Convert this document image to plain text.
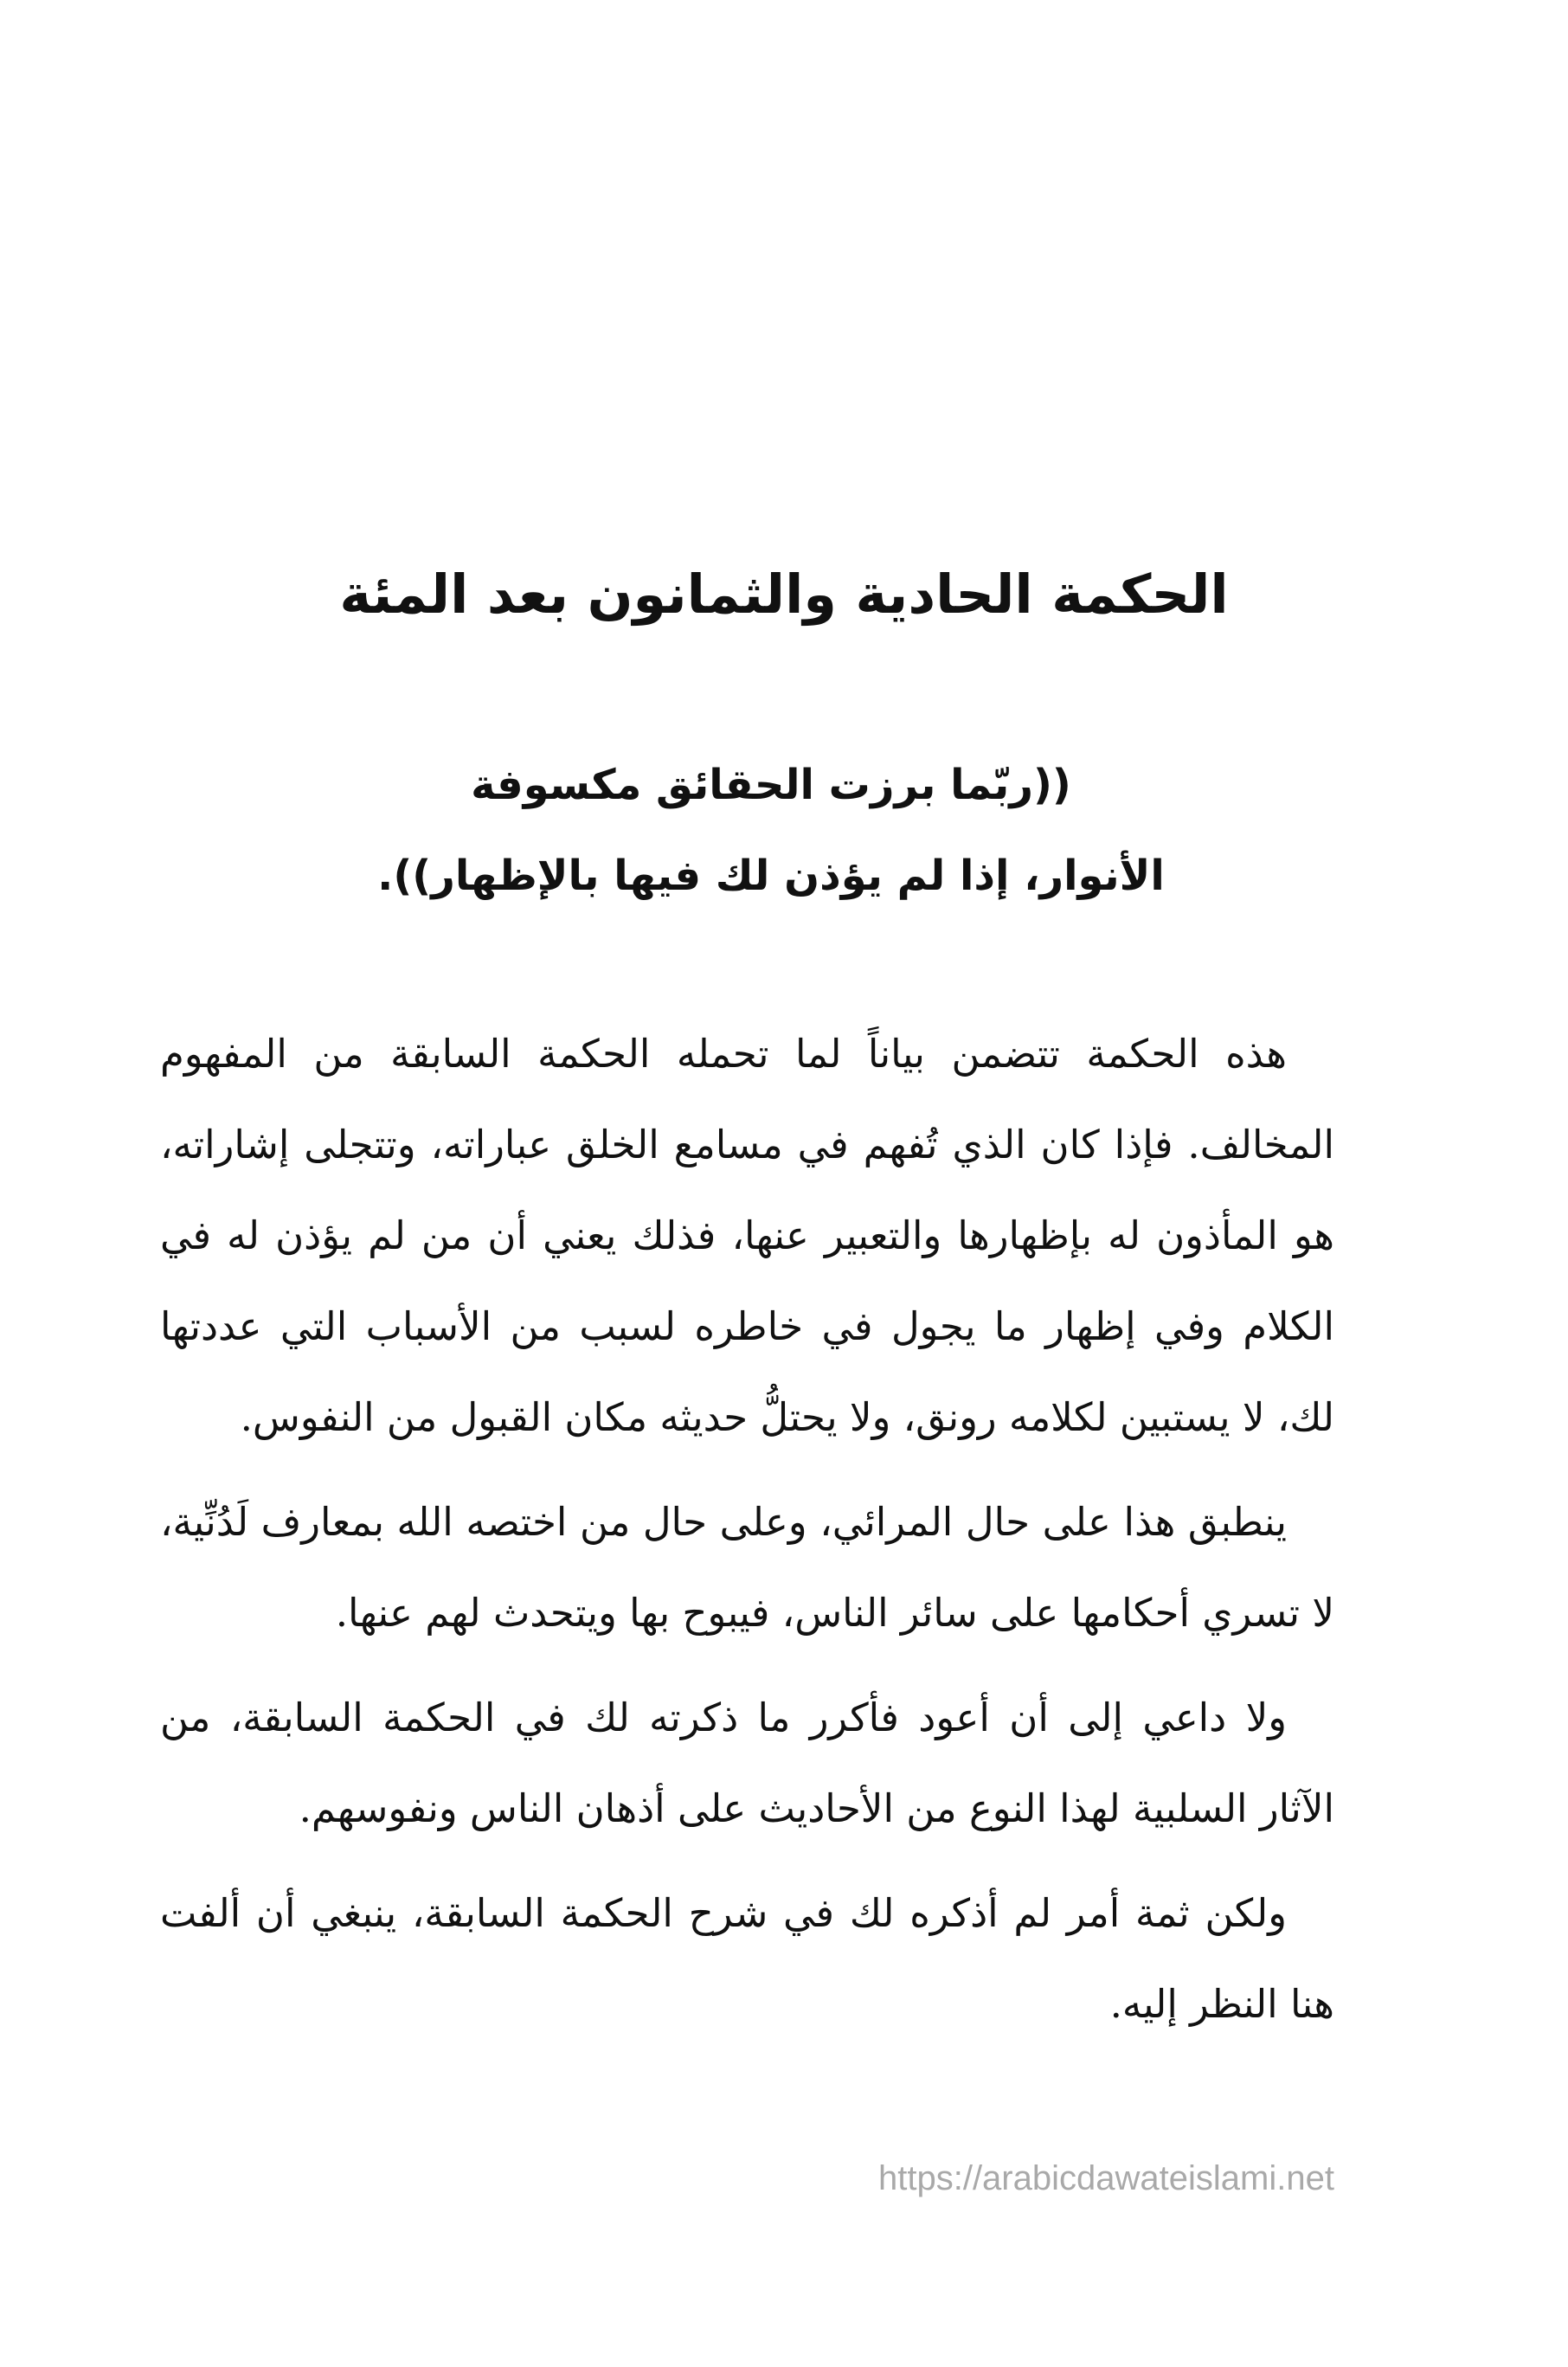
الحكمة الحادية والثمانون بعد المئة
((ربّما برزت الحقائق مكسوفة
الأنوار، إذا لم يؤذن لك فيها بالإظهار)).

هذه الحكمة تتضمن بياناً لما تحمله الحكمة السابقة من المفهوم المخالف. فإذا كان الذي تُفهم في مسامع الخلق عباراته، وتتجلى إشاراته، هو المأذون له بإظهارها والتعبير عنها، فذلك يعني أن من لم يؤذن له في الكلام وفي إظهار ما يجول في خاطره لسبب من الأسباب التي عددتها لك، لا يستبين لكلامه رونق، ولا يحتلُّ حديثه مكان القبول من النفوس.

ينطبق هذا على حال المرائي، وعلى حال من اختصه الله بمعارف لَدُنِّية، لا تسري أحكامها على سائر الناس، فيبوح بها ويتحدث لهم عنها.

ولا داعي إلى أن أعود فأكرر ما ذكرته لك في الحكمة السابقة، من الآثار السلبية لهذا النوع من الأحاديث على أذهان الناس ونفوسهم.

ولكن ثمة أمر لم أذكره لك في شرح الحكمة السابقة، ينبغي أن ألفت هنا النظر إليه.

https://arabicdawateislami.net
